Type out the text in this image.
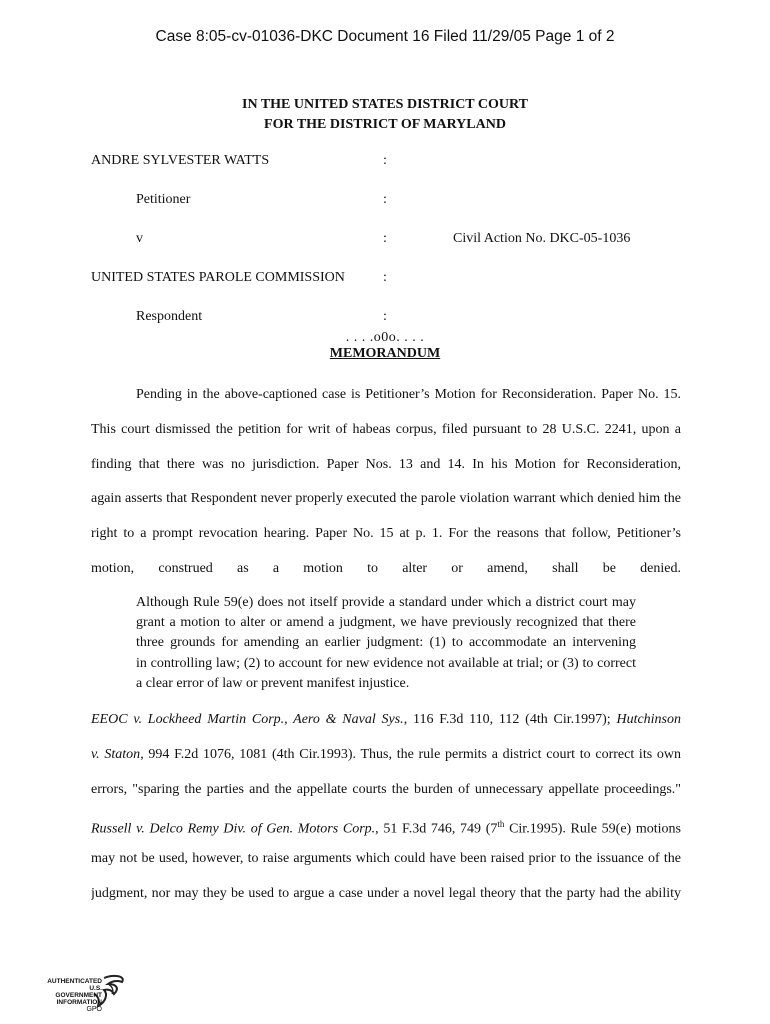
Case 8:05-cv-01036-DKC Document 16 Filed 11/29/05 Page 1 of 2
IN THE UNITED STATES DISTRICT COURT
FOR THE DISTRICT OF MARYLAND
ANDRE SYLVESTER WATTS	:
Petitioner	:
v	:	Civil Action No. DKC-05-1036
UNITED STATES PAROLE COMMISSION	:
Respondent	:
. . . .o0o. . . .
MEMORANDUM
Pending in the above-captioned case is Petitioner’s Motion for Reconsideration. Paper No. 15.
This court dismissed the petition for writ of habeas corpus, filed pursuant to 28 U.S.C. 2241, upon a
finding that there was no jurisdiction. Paper Nos. 13 and 14. In his Motion for Reconsideration,
again asserts that Respondent never properly executed the parole violation warrant which denied him the
right to a prompt revocation hearing. Paper No. 15 at p. 1. For the reasons that follow, Petitioner’s
motion, construed as a motion to alter or amend, shall be denied.
Although Rule 59(e) does not itself provide a standard under which a district court may
grant a motion to alter or amend a judgment, we have previously recognized that there
three grounds for amending an earlier judgment: (1) to accommodate an intervening
in controlling law; (2) to account for new evidence not available at trial; or (3) to correct
a clear error of law or prevent manifest injustice.
EEOC v. Lockheed Martin Corp., Aero & Naval Sys., 116 F.3d 110, 112 (4th Cir.1997); Hutchinson
v. Staton, 994 F.2d 1076, 1081 (4th Cir.1993). Thus, the rule permits a district court to correct its own
errors, "sparing the parties and the appellate courts the burden of unnecessary appellate proceedings."
Russell v. Delco Remy Div. of Gen. Motors Corp., 51 F.3d 746, 749 (7th Cir.1995). Rule 59(e) motions
may not be used, however, to raise arguments which could have been raised prior to the issuance of the
judgment, nor may they be used to argue a case under a novel legal theory that the party had the ability
AUTHENTICATED
U.S. GOVERNMENT
INFORMATION
GPO
